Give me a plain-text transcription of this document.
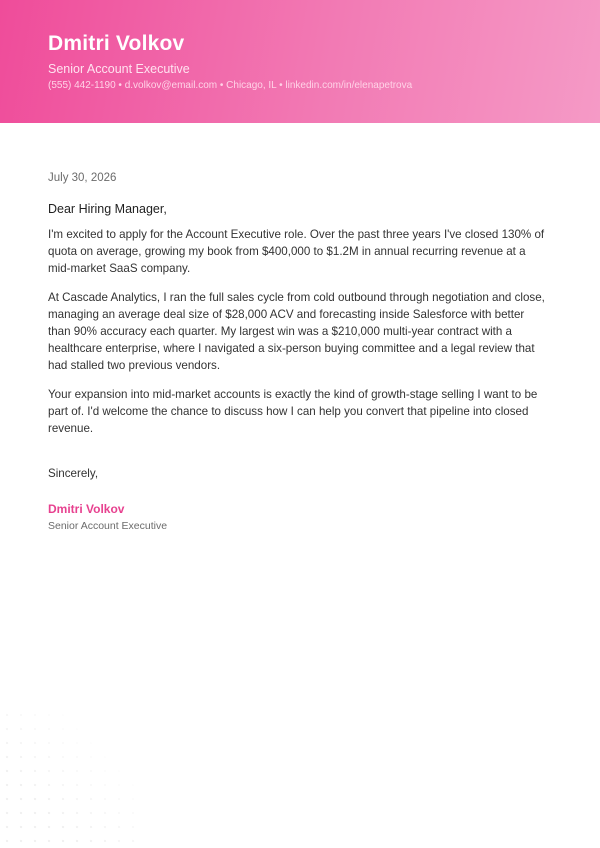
Dmitri Volkov
Senior Account Executive
(555) 442-1190 • d.volkov@email.com • Chicago, IL • linkedin.com/in/elenapetrova

July 30, 2026

Dear Hiring Manager,

I'm excited to apply for the Account Executive role. Over the past three years I've closed 130% of quota on average, growing my book from $400,000 to $1.2M in annual recurring revenue at a mid-market SaaS company.

At Cascade Analytics, I ran the full sales cycle from cold outbound through negotiation and close, managing an average deal size of $28,000 ACV and forecasting inside Salesforce with better than 90% accuracy each quarter. My largest win was a $210,000 multi-year contract with a healthcare enterprise, where I navigated a six-person buying committee and a legal review that had stalled two previous vendors.

Your expansion into mid-market accounts is exactly the kind of growth-stage selling I want to be part of. I'd welcome the chance to discuss how I can help you convert that pipeline into closed revenue.

Sincerely,

Dmitri Volkov

Senior Account Executive
